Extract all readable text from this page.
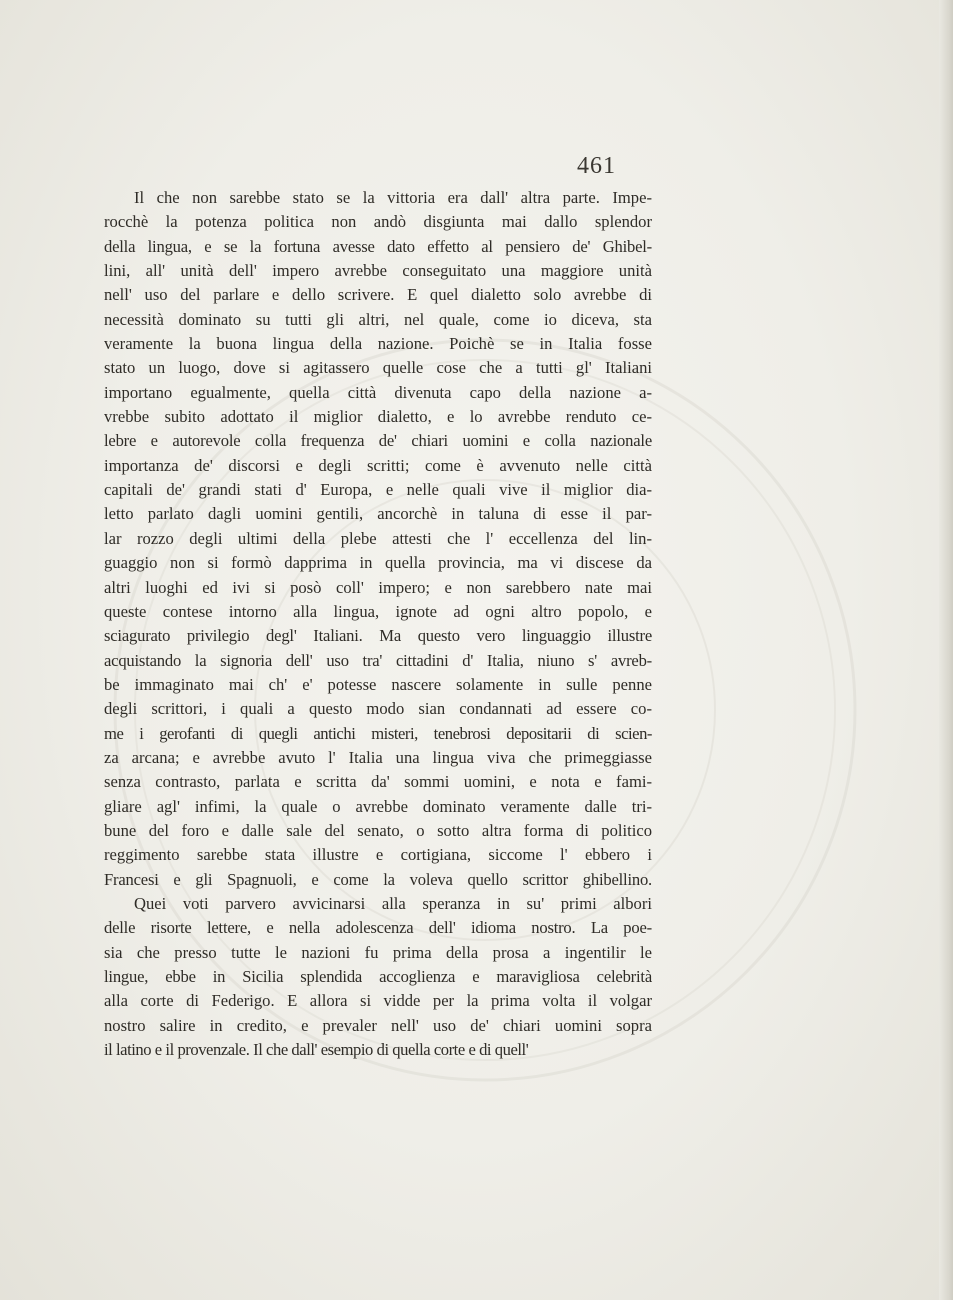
461
Il che non sarebbe stato se la vittoria era dall' altra parte. Impe-
rocchè la potenza politica non andò disgiunta mai dallo splendor
della lingua, e se la fortuna avesse dato effetto al pensiero de' Ghibel-
lini, all' unità dell' impero avrebbe conseguitato una maggiore unità
nell' uso del parlare e dello scrivere. E quel dialetto solo avrebbe di
necessità dominato su tutti gli altri, nel quale, come io diceva, sta
veramente la buona lingua della nazione. Poichè se in Italia fosse
stato un luogo, dove si agitassero quelle cose che a tutti gl' Italiani
importano egualmente, quella città divenuta capo della nazione a-
vrebbe subito adottato il miglior dialetto, e lo avrebbe renduto ce-
lebre e autorevole colla frequenza de' chiari uomini e colla nazionale
importanza de' discorsi e degli scritti; come è avvenuto nelle città
capitali de' grandi stati d' Europa, e nelle quali vive il miglior dia-
letto parlato dagli uomini gentili, ancorchè in taluna di esse il par-
lar rozzo degli ultimi della plebe attesti che l' eccellenza del lin-
guaggio non si formò dapprima in quella provincia, ma vi discese da
altri luoghi ed ivi si posò coll' impero; e non sarebbero nate mai
queste contese intorno alla lingua, ignote ad ogni altro popolo, e
sciagurato privilegio degl' Italiani. Ma questo vero linguaggio illustre
acquistando la signoria dell' uso tra' cittadini d' Italia, niuno s' avreb-
be immaginato mai ch' e' potesse nascere solamente in sulle penne
degli scrittori, i quali a questo modo sian condannati ad essere co-
me i gerofanti di quegli antichi misteri, tenebrosi depositarii di scien-
za arcana; e avrebbe avuto l' Italia una lingua viva che primeggiasse
senza contrasto, parlata e scritta da' sommi uomini, e nota e fami-
gliare agl' infimi, la quale o avrebbe dominato veramente dalle tri-
bune del foro e dalle sale del senato, o sotto altra forma di politico
reggimento sarebbe stata illustre e cortigiana, siccome l' ebbero i
Francesi e gli Spagnuoli, e come la voleva quello scrittor ghibellino.
Quei voti parvero avvicinarsi alla speranza in su' primi albori
delle risorte lettere, e nella adolescenza dell' idioma nostro. La poe-
sia che presso tutte le nazioni fu prima della prosa a ingentilir le
lingue, ebbe in Sicilia splendida accoglienza e maravigliosa celebrità
alla corte di Federigo. E allora si vidde per la prima volta il volgar
nostro salire in credito, e prevaler nell' uso de' chiari uomini sopra
il latino e il provenzale. Il che dall' esempio di quella corte e di quell'
